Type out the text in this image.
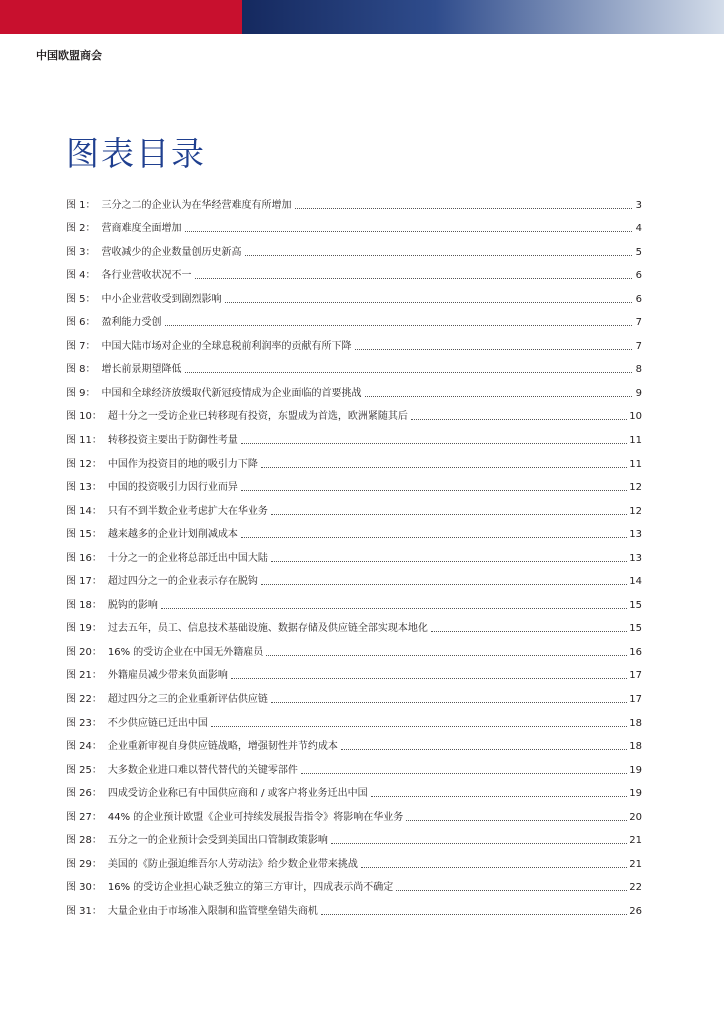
中国欧盟商会
图表目录
图 1： 三分之二的企业认为在华经营难度有所增加	3
图 2： 营商难度全面增加	4
图 3： 营收减少的企业数量创历史新高	5
图 4： 各行业营收状况不一	6
图 5： 中小企业营收受到剧烈影响	6
图 6： 盈利能力受创	7
图 7： 中国大陆市场对企业的全球息税前利润率的贡献有所下降	7
图 8： 增长前景期望降低	8
图 9： 中国和全球经济放缓取代新冠疫情成为企业面临的首要挑战	9
图 10： 超十分之一受访企业已转移现有投资，东盟成为首选，欧洲紧随其后	10
图 11： 转移投资主要出于防御性考量	11
图 12： 中国作为投资目的地的吸引力下降	11
图 13： 中国的投资吸引力因行业而异	12
图 14： 只有不到半数企业考虑扩大在华业务	12
图 15： 越来越多的企业计划削减成本	13
图 16： 十分之一的企业将总部迁出中国大陆	13
图 17： 超过四分之一的企业表示存在脱钩	14
图 18： 脱钩的影响	15
图 19： 过去五年，员工、信息技术基础设施、数据存储及供应链全部实现本地化	15
图 20： 16% 的受访企业在中国无外籍雇员	16
图 21： 外籍雇员减少带来负面影响	17
图 22： 超过四分之三的企业重新评估供应链	17
图 23： 不少供应链已迁出中国	18
图 24： 企业重新审视自身供应链战略，增强韧性并节约成本	18
图 25： 大多数企业进口难以替代替代的关键零部件	19
图 26： 四成受访企业称已有中国供应商和 / 或客户将业务迁出中国	19
图 27： 44% 的企业预计欧盟《企业可持续发展报告指令》将影响在华业务	20
图 28： 五分之一的企业预计会受到美国出口管制政策影响	21
图 29： 美国的《防止强迫维吾尔人劳动法》给少数企业带来挑战	21
图 30： 16% 的受访企业担心缺乏独立的第三方审计，四成表示尚不确定	22
图 31： 大量企业由于市场准入限制和监管壁垒错失商机	26
